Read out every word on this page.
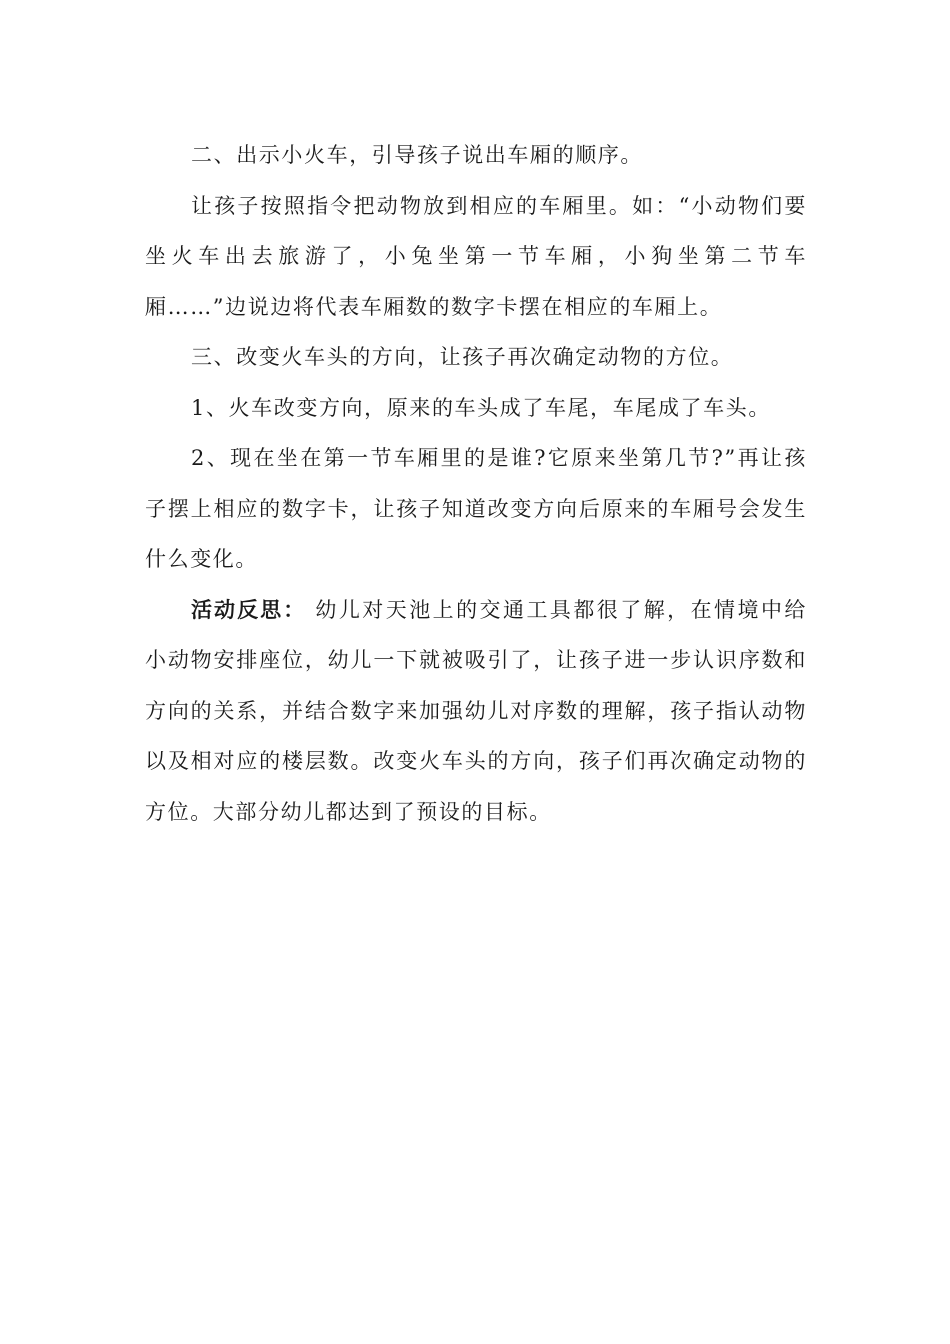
二、出示小火车，引导孩子说出车厢的顺序。

让孩子按照指令把动物放到相应的车厢里。如：“小动物们要坐火车出去旅游了，小兔坐第一节车厢，小狗坐第二节车厢……”边说边将代表车厢数的数字卡摆在相应的车厢上。

三、改变火车头的方向，让孩子再次确定动物的方位。

1、火车改变方向，原来的车头成了车尾，车尾成了车头。

2、现在坐在第一节车厢里的是谁?它原来坐第几节?”再让孩子摆上相应的数字卡，让孩子知道改变方向后原来的车厢号会发生什么变化。

活动反思： 幼儿对天池上的交通工具都很了解，在情境中给小动物安排座位，幼儿一下就被吸引了，让孩子进一步认识序数和方向的关系，并结合数字来加强幼儿对序数的理解，孩子指认动物以及相对应的楼层数。改变火车头的方向，孩子们再次确定动物的方位。大部分幼儿都达到了预设的目标。
